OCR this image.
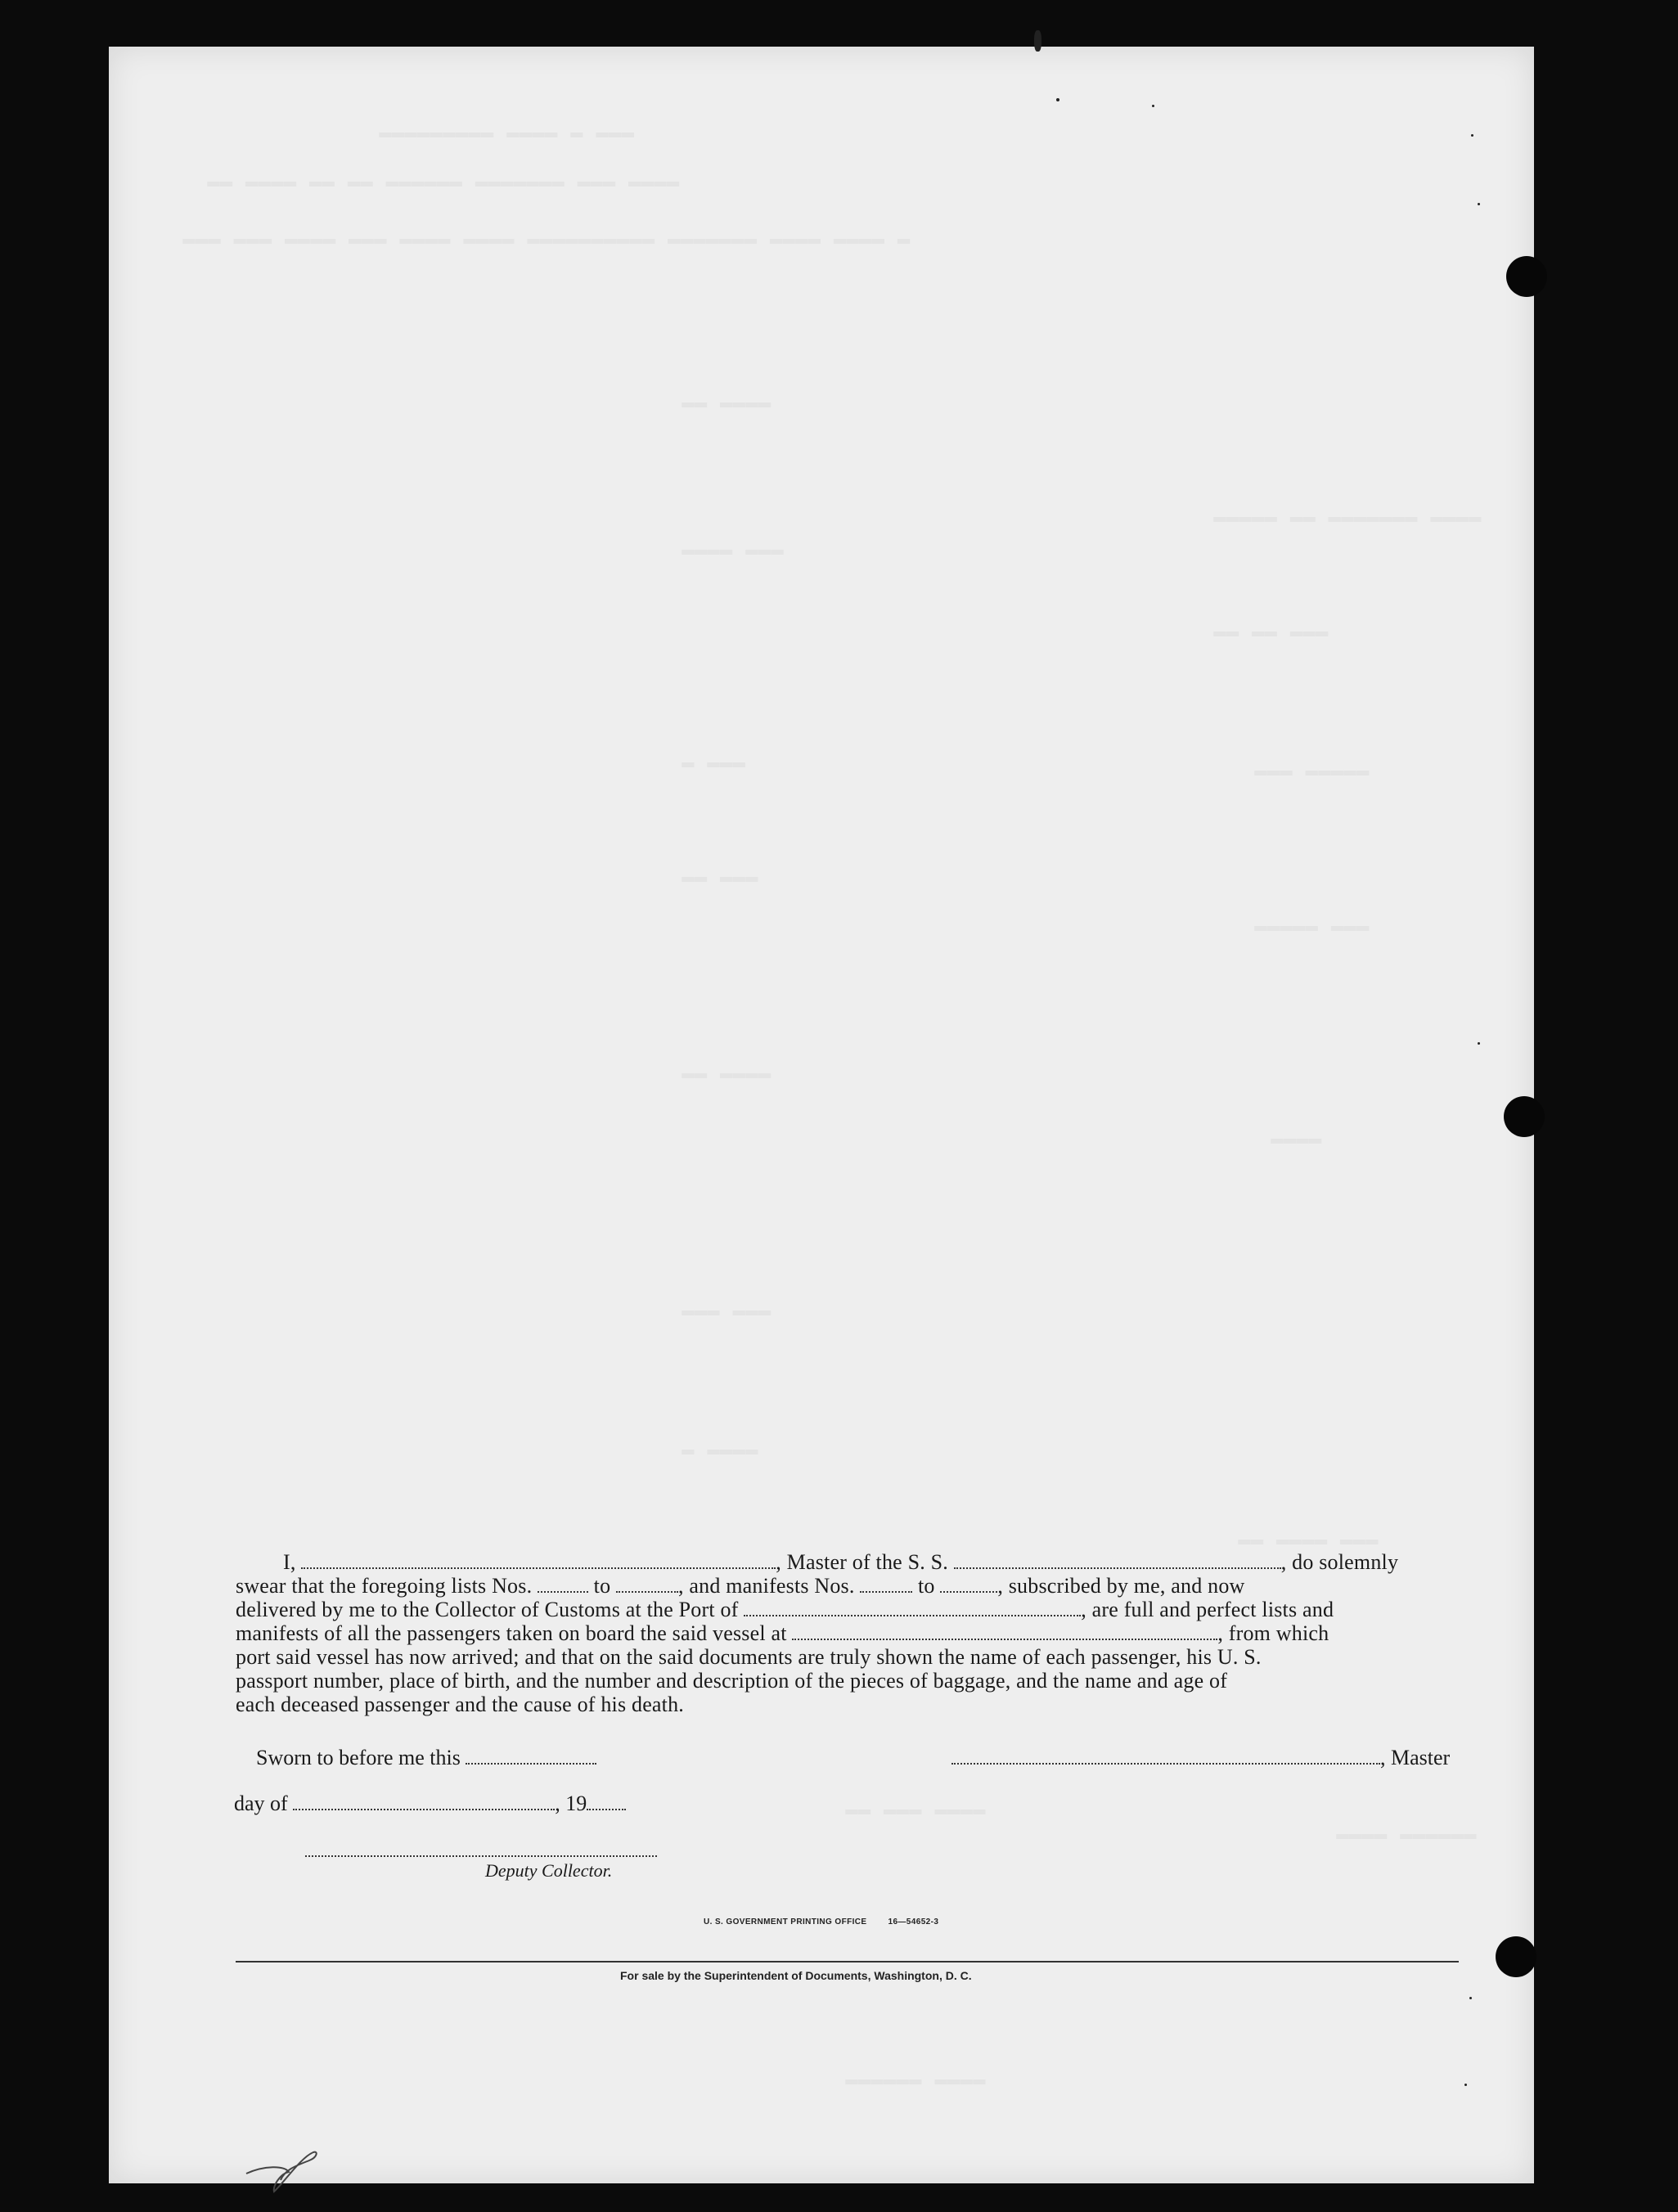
▬▬▬ ▬ ▬▬▬▬ ▬▬▬▬▬▬▬▬▬
▬▬▬▬ ▬▬▬ ▬▬▬▬▬▬▬ ▬▬▬▬▬▬ ▬▬ ▬▬ ▬▬▬▬ ▬▬
▬ ▬▬▬▬ ▬▬▬▬ ▬▬▬▬▬▬▬ ▬▬▬▬▬▬▬▬▬▬ ▬▬▬▬ ▬▬▬▬ ▬▬▬ ▬▬▬▬ ▬▬▬ ▬▬▬
▬▬▬▬ ▬▬
▬▬▬ ▬▬▬▬
▬▬▬▬ ▬▬▬▬▬▬▬ ▬▬ ▬▬▬▬▬
▬▬▬ ▬▬ ▬▬
▬▬▬ ▬	▬▬▬▬▬ ▬▬▬
▬▬▬ ▬▬
▬▬▬ ▬▬▬▬▬
▬▬▬▬ ▬▬
▬▬▬▬
▬▬▬ ▬▬▬
▬▬▬▬ ▬
▬▬▬ ▬▬▬▬ ▬▬
▬▬▬▬ ▬▬▬ ▬▬
▬▬▬▬▬▬ ▬▬▬▬
▬▬▬▬ ▬▬▬▬▬▬

I,	, Master of the S. S.	, do solemnly

swear that the foregoing lists Nos.	to	, and manifests Nos.	to	, subscribed by me, and now

delivered by me to the Collector of Customs at the Port of	, are full and perfect lists and

manifests of all the passengers taken on board the said vessel at	, from which

port said vessel has now arrived; and that on the said documents are truly shown the name of each passenger, his U. S.

passport number, place of birth, and the number and description of the pieces of baggage, and the name and age of

each deceased passenger and the cause of his death.

Sworn to before me this	, Master
day of	, 19
Deputy Collector.
U. S. GOVERNMENT PRINTING OFFICE	16—54652-3
For sale by the Superintendent of Documents, Washington, D. C.
